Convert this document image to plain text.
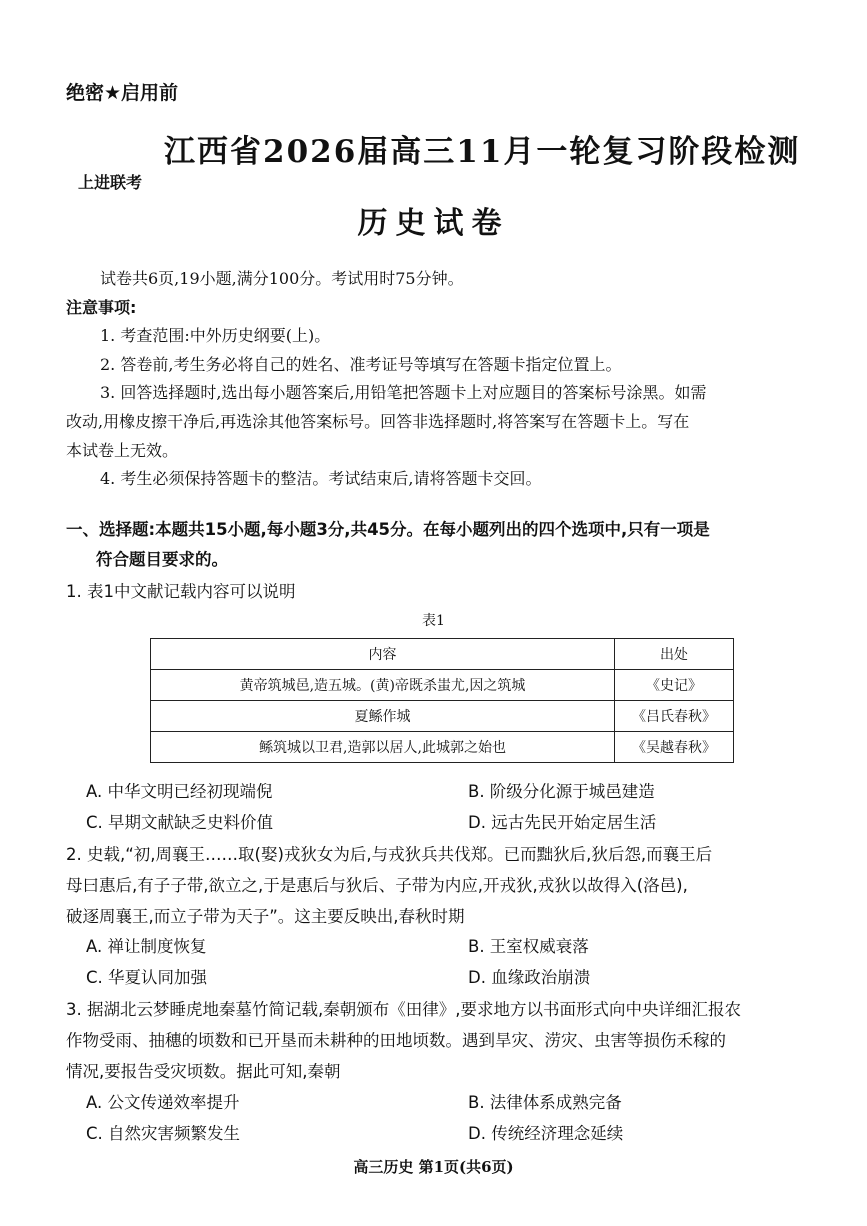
绝密★启用前
江西省2026届高三11月一轮复习阶段检测
上进联考
历史试卷
试卷共6页,19小题,满分100分。考试用时75分钟。
注意事项:
1. 考查范围:中外历史纲要(上)。
2. 答卷前,考生务必将自己的姓名、准考证号等填写在答题卡指定位置上。
3. 回答选择题时,选出每小题答案后,用铅笔把答题卡上对应题目的答案标号涂黑。如需
改动,用橡皮擦干净后,再选涂其他答案标号。回答非选择题时,将答案写在答题卡上。写在
本试卷上无效。
4. 考生必须保持答题卡的整洁。考试结束后,请将答题卡交回。
一、选择题:本题共15小题,每小题3分,共45分。在每小题列出的四个选项中,只有一项是
符合题目要求的。
1. 表1中文献记载内容可以说明
表1
内容	出处
黄帝筑城邑,造五城。(黄)帝既杀蚩尤,因之筑城	《史记》
夏鲧作城	《吕氏春秋》
鲧筑城以卫君,造郭以居人,此城郭之始也	《吴越春秋》
A. 中华文明已经初现端倪	B. 阶级分化源于城邑建造
C. 早期文献缺乏史料价值	D. 远古先民开始定居生活
2. 史载,“初,周襄王……取(娶)戎狄女为后,与戎狄兵共伐郑。已而黜狄后,狄后怨,而襄王后
母曰惠后,有子子带,欲立之,于是惠后与狄后、子带为内应,开戎狄,戎狄以故得入(洛邑),
破逐周襄王,而立子带为天子”。这主要反映出,春秋时期
A. 禅让制度恢复	B. 王室权威衰落
C. 华夏认同加强	D. 血缘政治崩溃
3. 据湖北云梦睡虎地秦墓竹简记载,秦朝颁布《田律》,要求地方以书面形式向中央详细汇报农
作物受雨、抽穗的顷数和已开垦而未耕种的田地顷数。遇到旱灾、涝灾、虫害等损伤禾稼的
情况,要报告受灾顷数。据此可知,秦朝
A. 公文传递效率提升	B. 法律体系成熟完备
C. 自然灾害频繁发生	D. 传统经济理念延续
高三历史 第1页(共6页)
